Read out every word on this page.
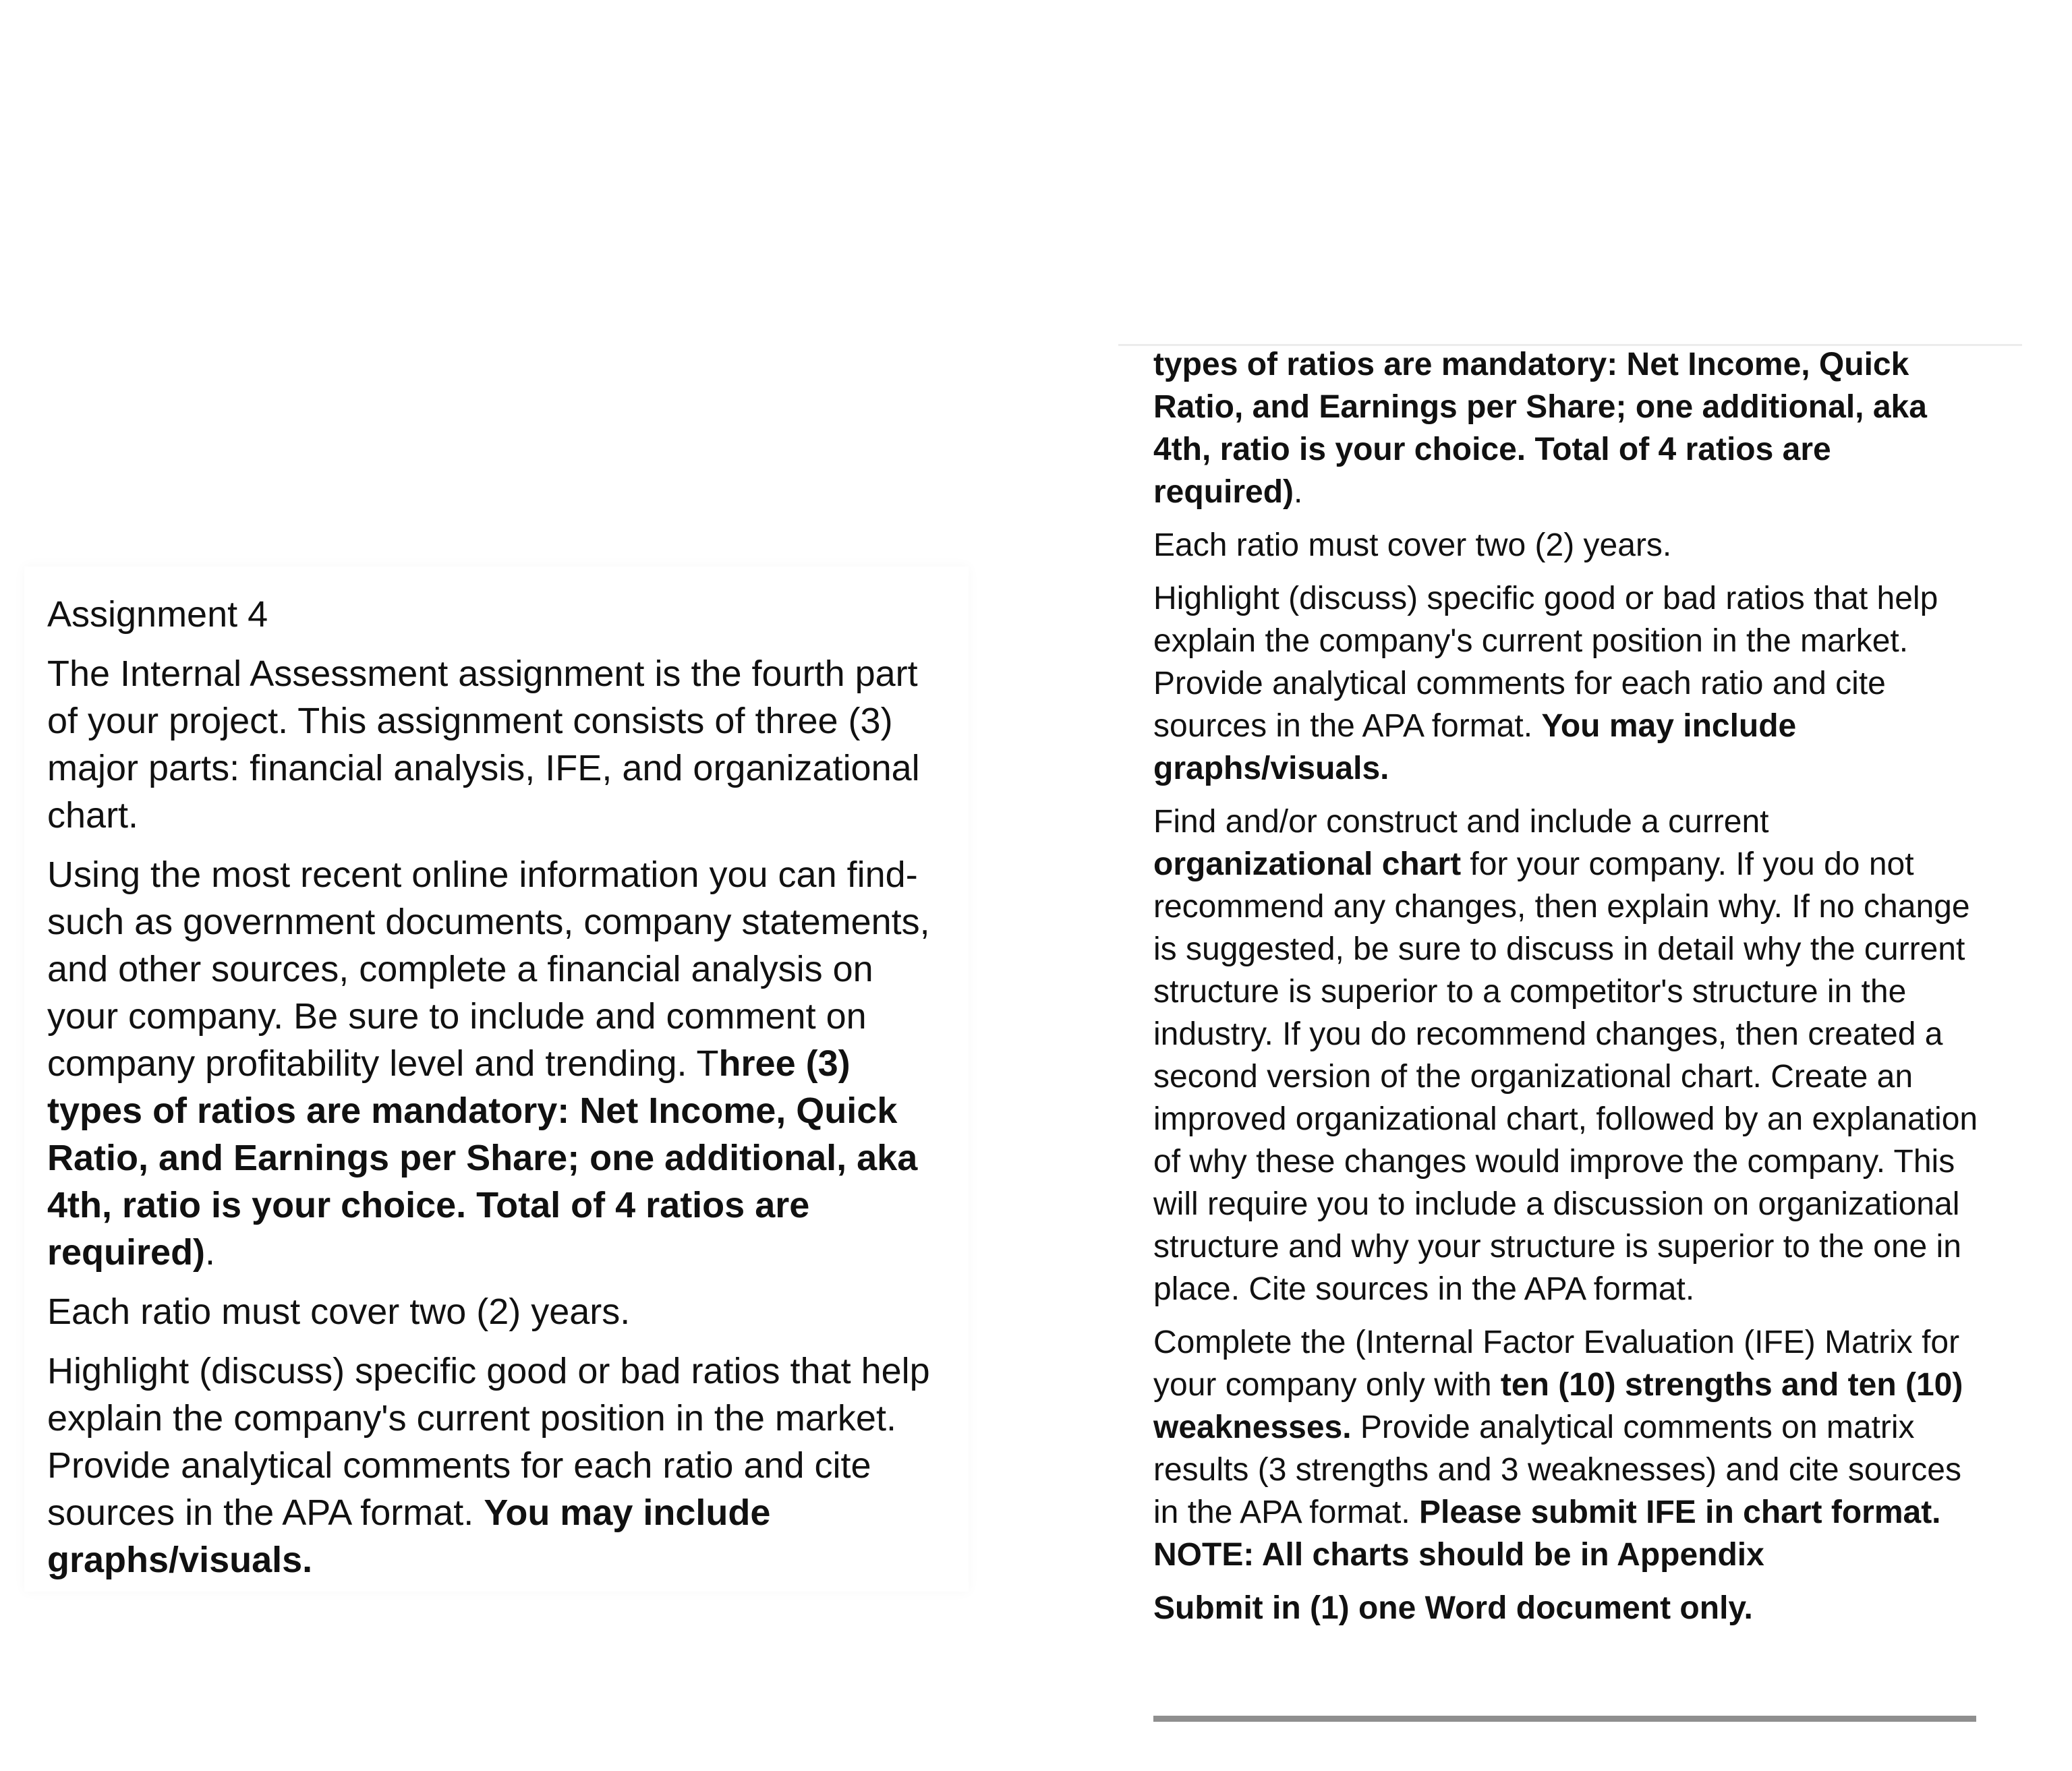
Assignment 4

The Internal Assessment assignment is the fourth part of your project. This assignment consists of three (3) major parts: financial analysis, IFE, and organizational chart.

Using the most recent online information you can find- such as government documents, company statements, and other sources, complete a financial analysis on your company. Be sure to include and comment on company profitability level and trending. Three (3) types of ratios are mandatory: Net Income, Quick Ratio, and Earnings per Share; one additional, aka 4th, ratio is your choice. Total of 4 ratios are required).

Each ratio must cover two (2) years.

Highlight (discuss) specific good or bad ratios that help explain the company's current position in the market. Provide analytical comments for each ratio and cite sources in the APA format. You may include graphs/visuals.

types of ratios are mandatory: Net Income, Quick Ratio, and Earnings per Share; one additional, aka 4th, ratio is your choice. Total of 4 ratios are required).

Each ratio must cover two (2) years.

Highlight (discuss) specific good or bad ratios that help explain the company's current position in the market. Provide analytical comments for each ratio and cite sources in the APA format. You may include graphs/visuals.

Find and/or construct and include a current organizational chart for your company. If you do not recommend any changes, then explain why. If no change is suggested, be sure to discuss in detail why the current structure is superior to a competitor's structure in the industry. If you do recommend changes, then created a second version of the organizational chart. Create an improved organizational chart, followed by an explanation of why these changes would improve the company. This will require you to include a discussion on organizational structure and why your structure is superior to the one in place. Cite sources in the APA format.

Complete the (Internal Factor Evaluation (IFE) Matrix for your company only with ten (10) strengths and ten (10) weaknesses. Provide analytical comments on matrix results (3 strengths and 3 weaknesses) and cite sources in the APA format. Please submit IFE in chart format. NOTE: All charts should be in Appendix

Submit in (1) one Word document only.
